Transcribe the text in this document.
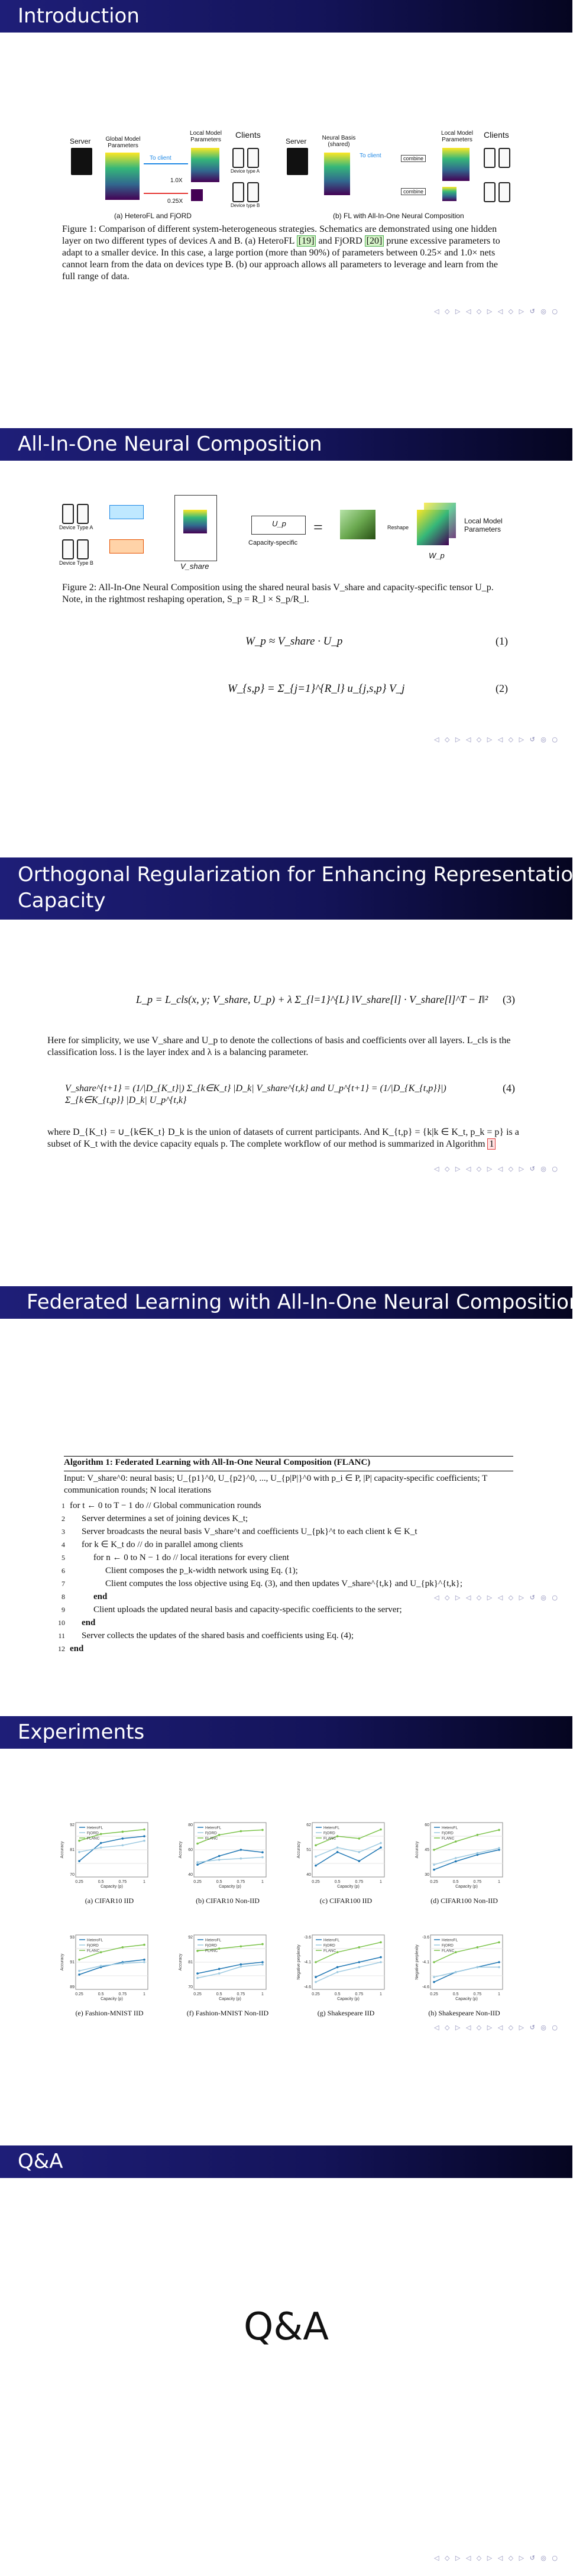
Introduction
Server	Global Model Parameters
Local Model Parameters
1.0X
0.25X
To client
Clients
Device type A
Device type B
(a) HeteroFL and FjORD
Server	Neural Basis (shared)
To client	combine
combine
Local Model Parameters
Clients
(b) FL with All-In-One Neural Composition
Figure 1: Comparison of different system-heterogeneous strategies. Schematics are demonstrated using one hidden layer on two different types of devices A and B. (a) HeteroFL [19] and FjORD [20] prune excessive parameters to adapt to a smaller device. In this case, a large portion (more than 90%) of parameters between 0.25× and 1.0× nets cannot learn from the data on devices type B. (b) our approach allows all parameters to leverage and learn from the full range of data.
◁ ◇ ▷ ◁ ◇ ▷ ◁ ◇ ▷ ↺ ◎ ○
All-In-One Neural Composition
Device Type A
Device Type B	V_share
U_p
Capacity-specific
=	Reshape
Local Model Parameters
W_p
Figure 2: All-In-One Neural Composition using the shared neural basis V_share and capacity-specific tensor U_p. Note, in the rightmost reshaping operation, S_p = R_l × S_p/R_l.
W_p ≈ V_share · U_p	(1)
W_{s,p} = Σ_{j=1}^{R_l} u_{j,s,p} V_j	(2)
◁ ◇ ▷ ◁ ◇ ▷ ◁ ◇ ▷ ↺ ◎ ○
Orthogonal Regularization for Enhancing Representation
Capacity
L_p = L_cls(x, y; V_share, U_p) + λ Σ_{l=1}^{L} ‖V_share[l] · V_share[l]^T − I‖² (3)
Here for simplicity, we use V_share and U_p to denote the collections of basis and coefficients over all layers. L_cls is the classification loss. l is the layer index and λ is a balancing parameter.
V_share^{t+1} = (1/|D_{K_t}|) Σ_{k∈K_t} |D_k| V_share^{t,k} and U_p^{t+1} = (1/|D_{K_{t,p}}|) Σ_{k∈K_{t,p}} |D_k| U_p^{t,k}
(4)
where D_{K_t} = ∪_{k∈K_t} D_k is the union of datasets of current participants. And K_{t,p} = {k|k ∈ K_t, p_k = p} is a subset of K_t with the device capacity equals p. The complete workflow of our method is summarized in Algorithm 1
◁ ◇ ▷ ◁ ◇ ▷ ◁ ◇ ▷ ↺ ◎ ○
Federated Learning with All-In-One Neural Composition
Algorithm 1: Federated Learning with All-In-One Neural Composition (FLANC)
Input: V_share^0: neural basis; U_{p1}^0, U_{p2}^0, ..., U_{p|P|}^0 with p_i ∈ P, |P| capacity-specific coefficients; T communication rounds; N local iterations
1 for t ← 0 to T − 1 do // Global communication rounds
2 Server determines a set of joining devices K_t;
3 Server broadcasts the neural basis V_share^t and coefficients U_{pk}^t to each client k ∈ K_t
4 for k ∈ K_t do // do in parallel among clients
5	for n ← 0 to N − 1 do // local iterations for every client
6	Client composes the p_k-width network using Eq. (1);
7	Client computes the loss objective using Eq. (3), and then updates V_share^{t,k} and U_{pk}^{t,k};
8	end
9	Client uploads the updated neural basis and capacity-specific coefficients to the server;
10 end
11 Server collects the updates of the shared basis and coefficients using Eq. (4);
12 end
◁ ◇ ▷ ◁ ◇ ▷ ◁ ◇ ▷ ↺ ◎ ○
Experiments
0.25	0.5	0.75	1
70
81
92
Capacity (p)
Accuracy
HeteroFL
FjORD
FLANC
(a) CIFAR10 IID
0.25	0.5	0.75	1
40
60
80
Capacity (p)
Accuracy
HeteroFL
FjORD
FLANC
(b) CIFAR10 Non-IID
0.25	0.5	0.75	1
40
51
62
Capacity (p)
Accuracy
HeteroFL
FjORD
FLANC
(c) CIFAR100 IID
0.25	0.5	0.75	1
30
45
60
Capacity (p)
Accuracy
HeteroFL
FjORD
FLANC
(d) CIFAR100 Non-IID
0.25	0.5	0.75	1
89
91
93
Capacity (p)
Accuracy
HeteroFL
FjORD
FLANC
(e) Fashion-MNIST IID
0.25	0.5	0.75	1
70
81
92
Capacity (p)
Accuracy
HeteroFL
FjORD
FLANC
(f) Fashion-MNIST Non-IID
0.25	0.5	0.75	1
-4.6
-4.1
-3.6
Capacity (p)
Negative perplexity
HeteroFL
FjORD
FLANC
(g) Shakespeare IID
0.25	0.5	0.75	1
-4.6
-4.1
-3.6
Capacity (p)
Negative perplexity
HeteroFL
FjORD
FLANC
(h) Shakespeare Non-IID
◁ ◇ ▷ ◁ ◇ ▷ ◁ ◇ ▷ ↺ ◎ ○
Q&A
Q&A
◁ ◇ ▷ ◁ ◇ ▷ ◁ ◇ ▷ ↺ ◎ ○
